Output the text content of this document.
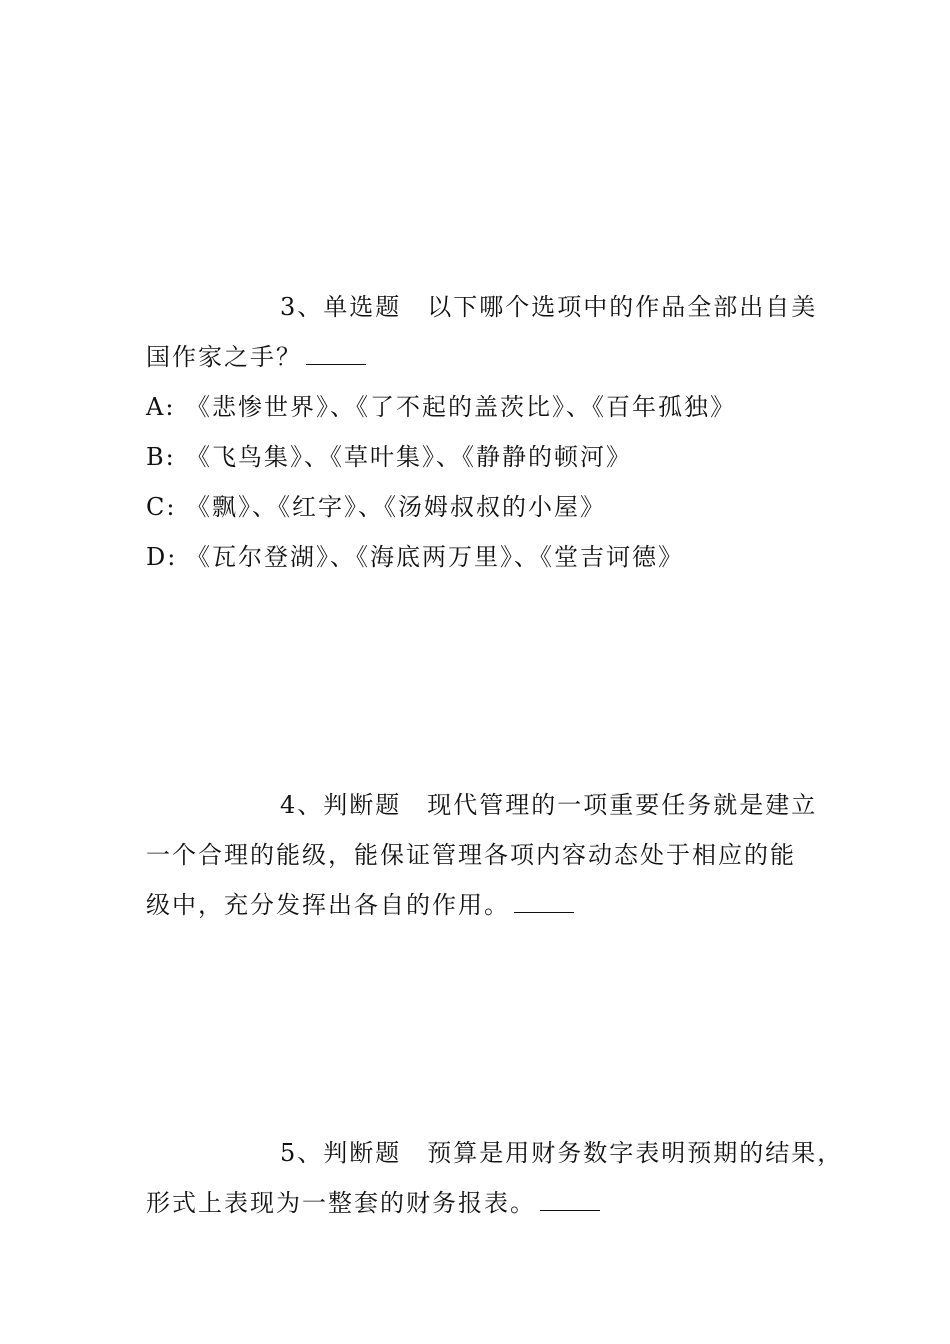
3、单选题 以下哪个选项中的作品全部出自美
国作家之手？
A: 《悲惨世界》、《了不起的盖茨比》、《百年孤独》
B: 《飞鸟集》、《草叶集》、《静静的顿河》
C: 《飘》、《红字》、《汤姆叔叔的小屋》
D: 《瓦尔登湖》、《海底两万里》、《堂吉诃德》
4、判断题 现代管理的一项重要任务就是建立
一个合理的能级，能保证管理各项内容动态处于相应的能
级中，充分发挥出各自的作用。
5、判断题 预算是用财务数字表明预期的结果，
形式上表现为一整套的财务报表。
